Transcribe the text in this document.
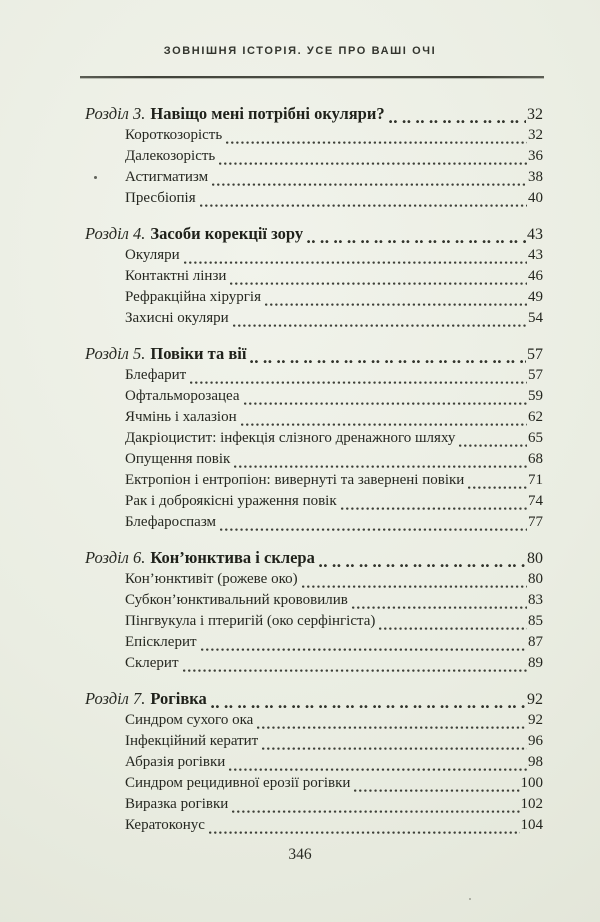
ЗОВНІШНЯ ІСТОРІЯ. УСЕ ПРО ВАШІ ОЧІ
Розділ 3. Навіщо мені потрібні окуляри?	32
Короткозорість	32
Далекозорість	36
Астигматизм	38
Пресбіопія	40
Розділ 4. Засоби корекції зору	43
Окуляри	43
Контактні лінзи	46
Рефракційна хірургія	49
Захисні окуляри	54
Розділ 5. Повіки та вії	57
Блефарит	57
Офтальморозацеа	59
Ячмінь і халазіон	62
Дакріоцистит: інфекція слізного дренажного шляху	65
Опущення повік	68
Ектропіон і ентропіон: вивернуті та завернені повіки	71
Рак і доброякісні ураження повік	74
Блефароспазм	77
Розділ 6. Кон’юнктива і склера	80
Кон’юнктивіт (рожеве око)	80
Субкон’юнктивальний крововилив	83
Пінгвукула і птеригій (око серфінгіста)	85
Епісклерит	87
Склерит	89
Розділ 7. Рогівка	92
Синдром сухого ока	92
Інфекційний кератит	96
Абразія рогівки	98
Синдром рецидивної ерозії рогівки	100
Виразка рогівки	102
Кератоконус	104
346
